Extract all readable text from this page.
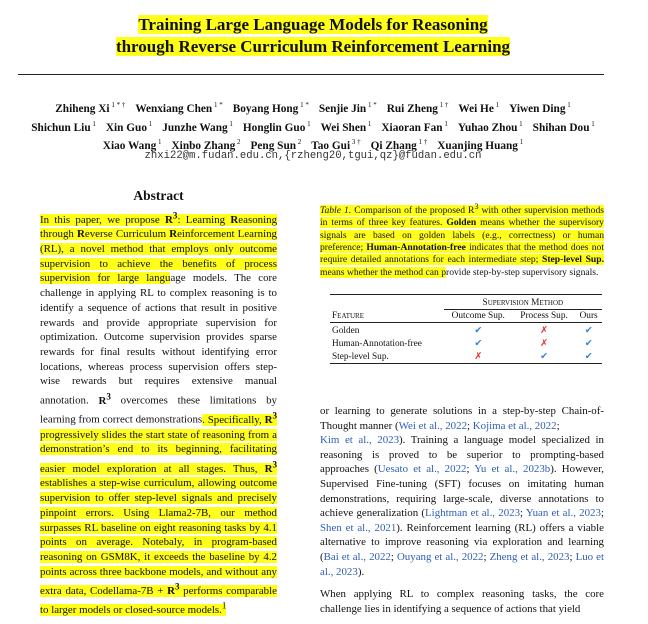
Training Large Language Models for Reasoning
through Reverse Curriculum Reinforcement Learning
Zhiheng Xi $^{1 * \dagger}$ Wenxiang Chen $^{1 *}$ Boyang Hong $^{1 *}$ Senjie Jin $^{1 *}$ Rui Zheng $^{1 \dagger}$ Wei He $^1$ Yiwen Ding $^1$
Shichun Liu $^1$ Xin Guo $^1$ Junzhe Wang $^1$ Honglin Guo $^1$ Wei Shen $^1$ Xiaoran Fan $^1$ Yuhao Zhou $^1$ Shihan Dou $^1$
Xiao Wang $^1$ Xinbo Zhang $^2$ Peng Sun $^2$ Tao Gui $^{3 \dagger}$ Qi Zhang $^{1 \dagger}$ Xuanjing Huang $^1$
zhxi22@m.fudan.edu.cn,{rzheng20,tgui,qz}@fudan.edu.cn
Abstract
In this paper, we propose $R^3$: Learning Reasoning through Reverse Curriculum Reinforcement Learning (RL), a novel method that employs only outcome supervision to achieve the benefits of process supervision for large language models. The core challenge in applying RL to complex reasoning is to identify a sequence of actions that result in positive rewards and provide appropriate supervision for optimization. Outcome supervision provides sparse rewards for final results without identifying error locations, whereas process supervision offers step-wise rewards but requires extensive manual annotation. $R^3$ overcomes these limitations by learning from correct demonstrations. Specifically, $R^3$ progressively slides the start state of reasoning from a demonstration’s end to its beginning, facilitating easier model exploration at all stages. Thus, $R^3$ establishes a step-wise curriculum, allowing outcome supervision to offer step-level signals and precisely pinpoint errors. Using Llama2-7B, our method surpasses RL baseline on eight reasoning tasks by 4.1 points on average. Notebaly, in program-based reasoning on GSM8K, it exceeds the baseline by 4.2 points across three backbone models, and without any extra data, Codellama-7B + $R^3$ performs comparable to larger models or closed-source models.$^1$
Table 1. Comparison of the proposed $R^3$ with other supervision methods in terms of three key features. Golden means whether the supervisory signals are based on golden labels (e.g., correctness) or human preference; Human-Annotation-free indicates that the method does not require detailed annotations for each intermediate step; Step-level Sup. means whether the method can provide step-by-step supervisory signals.

	Supervision Method		
Feature	Outcome Sup.	Process Sup.	Ours

Golden	✔	✗	✔
Human-Annotation-free	✔	✗	✔
Step-level Sup.	✗	✔	✔

or learning to generate solutions in a step-by-step Chain-of-Thought manner (Wei et al., 2022; Kojima et al., 2022;
Kim et al., 2023). Training a language model specialized in reasoning is proved to be superior to prompting-based approaches (Uesato et al., 2022; Yu et al., 2023b). However, Supervised Fine-tuning (SFT) focuses on imitating human demonstrations, requiring large-scale, diverse annotations to achieve generalization (Lightman et al., 2023; Yuan et al., 2023; Shen et al., 2021). Reinforcement learning (RL) offers a viable alternative to improve reasoning via exploration and learning (Bai et al., 2022; Ouyang et al., 2022; Zheng et al., 2023; Luo et al., 2023).

When applying RL to complex reasoning tasks, the core challenge lies in identifying a sequence of actions that yield
